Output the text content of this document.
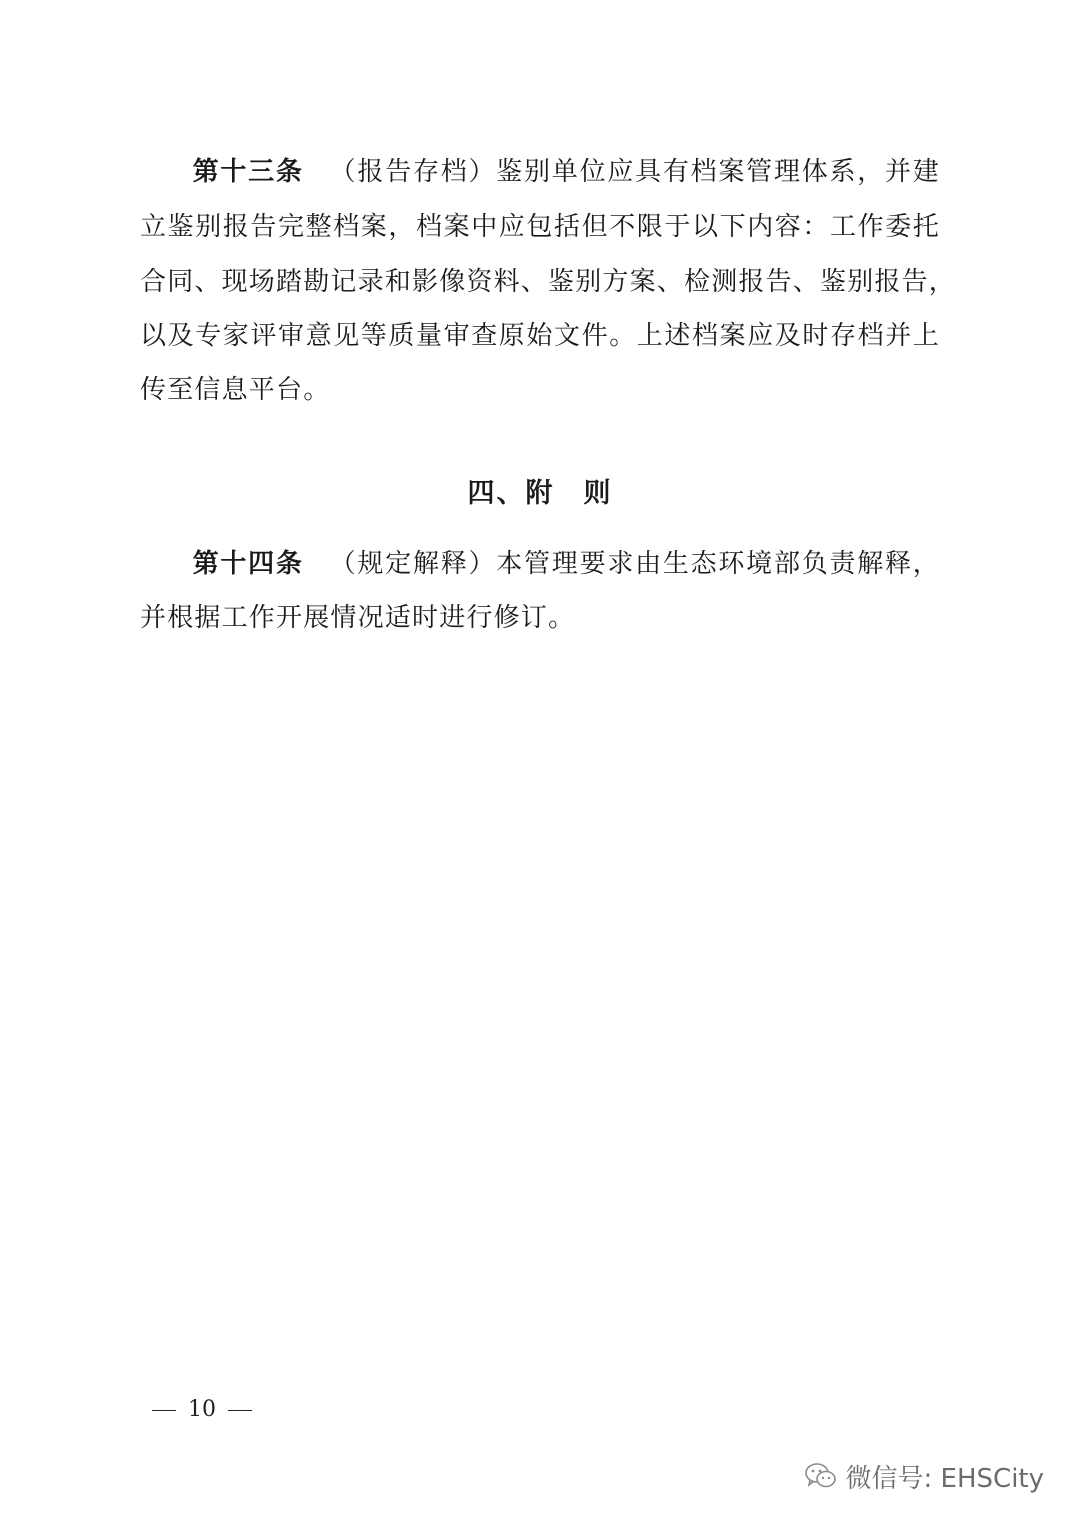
第十三条 （报告存档）鉴别单位应具有档案管理体系，并建
立鉴别报告完整档案，档案中应包括但不限于以下内容：工作委托
合同、现场踏勘记录和影像资料、鉴别方案、检测报告、鉴别报告，
以及专家评审意见等质量审查原始文件。上述档案应及时存档并上
传至信息平台。
四、附　则
第十四条 （规定解释）本管理要求由生态环境部负责解释，
并根据工作开展情况适时进行修订。
10
微信号: EHSCity
